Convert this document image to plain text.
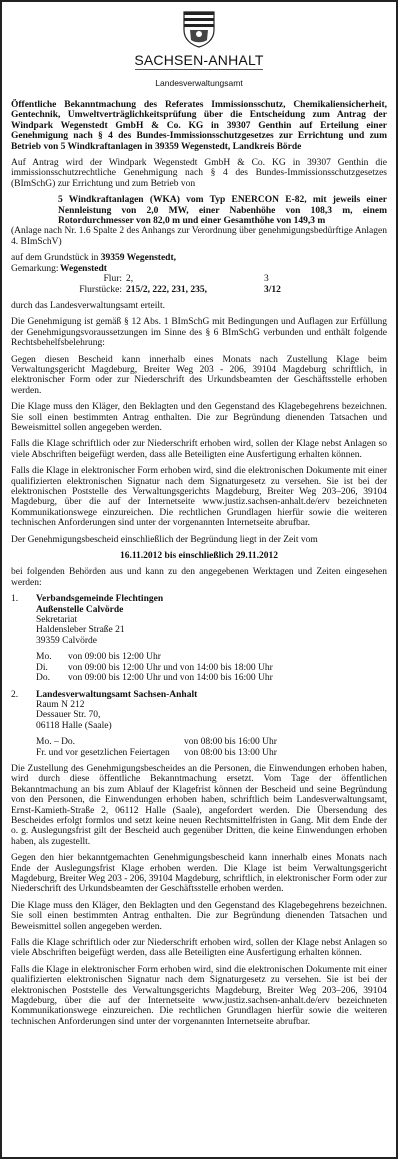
SACHSEN-ANHALT
Landesverwaltungsamt

Öffentliche Bekanntmachung des Referates Immissionsschutz, Chemikaliensicherheit, Gentechnik, Umweltverträglichkeitsprüfung über die Entscheidung zum Antrag der Windpark Wegenstedt GmbH & Co. KG in 39307 Genthin auf Erteilung einer Genehmigung nach § 4 des Bundes-Immissionsschutzgesetzes zur Errichtung und zum Betrieb von 5 Windkraftanlagen in 39359 Wegenstedt, Landkreis Börde

Auf Antrag wird der Windpark Wegenstedt GmbH & Co. KG in 39307 Genthin die immissionsschutzrechtliche Genehmigung nach § 4 des Bundes-Immissionsschutzgesetzes (BImSchG) zur Errichtung und zum Betrieb von

5 Windkraftanlagen (WKA) vom Typ ENERCON E-82, mit jeweils einer Nennleistung von 2,0 MW, einer Nabenhöhe von 108,3 m, einem Rotordurchmesser von 82,0 m und einer Gesamthöhe von 149,3 m

(Anlage nach Nr. 1.6 Spalte 2 des Anhangs zur Verordnung über genehmigungsbedürftige Anlagen 4. BImSchV)

auf dem Grundstück in 39359 Wegenstedt,
Gemarkung:	Wegenstedt		
	Flur:	2,	3
	Flurstücke:	215/2, 222, 231, 235,	3/12

durch das Landesverwaltungsamt erteilt.

Die Genehmigung ist gemäß § 12 Abs. 1 BImSchG mit Bedingungen und Auflagen zur Erfüllung der Genehmigungsvoraussetzungen im Sinne des § 6 BImSchG verbunden und enthält folgende Rechtsbehelfsbelehrung:

Gegen diesen Bescheid kann innerhalb eines Monats nach Zustellung Klage beim Verwaltungsgericht Magdeburg, Breiter Weg 203 - 206, 39104 Magdeburg schriftlich, in elektronischer Form oder zur Niederschrift des Urkundsbeamten der Geschäftsstelle erhoben werden.

Die Klage muss den Kläger, den Beklagten und den Gegenstand des Klagebegehrens bezeichnen. Sie soll einen bestimmten Antrag enthalten. Die zur Begründung dienenden Tatsachen und Beweismittel sollen angegeben werden.

Falls die Klage schriftlich oder zur Niederschrift erhoben wird, sollen der Klage nebst Anlagen so viele Abschriften beigefügt werden, dass alle Beteiligten eine Ausfertigung erhalten können.

Falls die Klage in elektronischer Form erhoben wird, sind die elektronischen Dokumente mit einer qualifizierten elektronischen Signatur nach dem Signaturgesetz zu versehen. Sie ist bei der elektronischen Poststelle des Verwaltungsgerichts Magdeburg, Breiter Weg 203–206, 39104 Magdeburg, über die auf der Internetseite www.justiz.sachsen-anhalt.de/erv bezeichneten Kommunikationswege einzureichen. Die rechtlichen Grundlagen hierfür sowie die weiteren technischen Anforderungen sind unter der vorgenannten Internetseite abrufbar.

Der Genehmigungsbescheid einschließlich der Begründung liegt in der Zeit vom

16.11.2012 bis einschließlich 29.11.2012

bei folgenden Behörden aus und kann zu den angegebenen Werktagen und Zeiten eingesehen werden:

1.	Verbandsgemeinde Flechtingen
Außenstelle Calvörde
Sekretariat
Haldensleber Straße 21
39359 Calvörde
Mo.	von 09:00 bis 12:00 Uhr
Di.	von 09:00 bis 12:00 Uhr und von 14:00 bis 18:00 Uhr
Do.	von 09:00 bis 12:00 Uhr und von 14:00 bis 16:00 Uhr
2.	Landesverwaltungsamt Sachsen-Anhalt
Raum N 212
Dessauer Str. 70,
06118 Halle (Saale)
Mo. – Do.	von 08:00 bis 16:00 Uhr
Fr. und vor gesetzlichen Feiertagen	von 08:00 bis 13:00 Uhr

Die Zustellung des Genehmigungsbescheides an die Personen, die Einwendungen erhoben haben, wird durch diese öffentliche Bekanntmachung ersetzt. Vom Tage der öffentlichen Bekanntmachung an bis zum Ablauf der Klagefrist können der Bescheid und seine Begründung von den Personen, die Einwendungen erhoben haben, schriftlich beim Landesverwaltungsamt, Ernst-Kamieth-Straße 2, 06112 Halle (Saale), angefordert werden. Die Übersendung des Bescheides erfolgt formlos und setzt keine neuen Rechtsmittelfristen in Gang. Mit dem Ende der o. g. Auslegungsfrist gilt der Bescheid auch gegenüber Dritten, die keine Einwendungen erhoben haben, als zugestellt.

Gegen den hier bekanntgemachten Genehmigungsbescheid kann innerhalb eines Monats nach Ende der Auslegungsfrist Klage erhoben werden. Die Klage ist beim Verwaltungsgericht Magdeburg, Breiter Weg 203 - 206, 39104 Magdeburg, schriftlich, in elektronischer Form oder zur Niederschrift des Urkundsbeamten der Geschäftsstelle erhoben werden.

Die Klage muss den Kläger, den Beklagten und den Gegenstand des Klagebegehrens bezeichnen. Sie soll einen bestimmten Antrag enthalten. Die zur Begründung dienenden Tatsachen und Beweismittel sollen angegeben werden.

Falls die Klage schriftlich oder zur Niederschrift erhoben wird, sollen der Klage nebst Anlagen so viele Abschriften beigefügt werden, dass alle Beteiligten eine Ausfertigung erhalten können.

Falls die Klage in elektronischer Form erhoben wird, sind die elektronischen Dokumente mit einer qualifizierten elektronischen Signatur nach dem Signaturgesetz zu versehen. Sie ist bei der elektronischen Poststelle des Verwaltungsgerichts Magdeburg, Breiter Weg 203–206, 39104 Magdeburg, über die auf der Internetseite www.justiz.sachsen-anhalt.de/erv bezeichneten Kommunikationswege einzureichen. Die rechtlichen Grundlagen hierfür sowie die weiteren technischen Anforderungen sind unter der vorgenannten Internetseite abrufbar.
